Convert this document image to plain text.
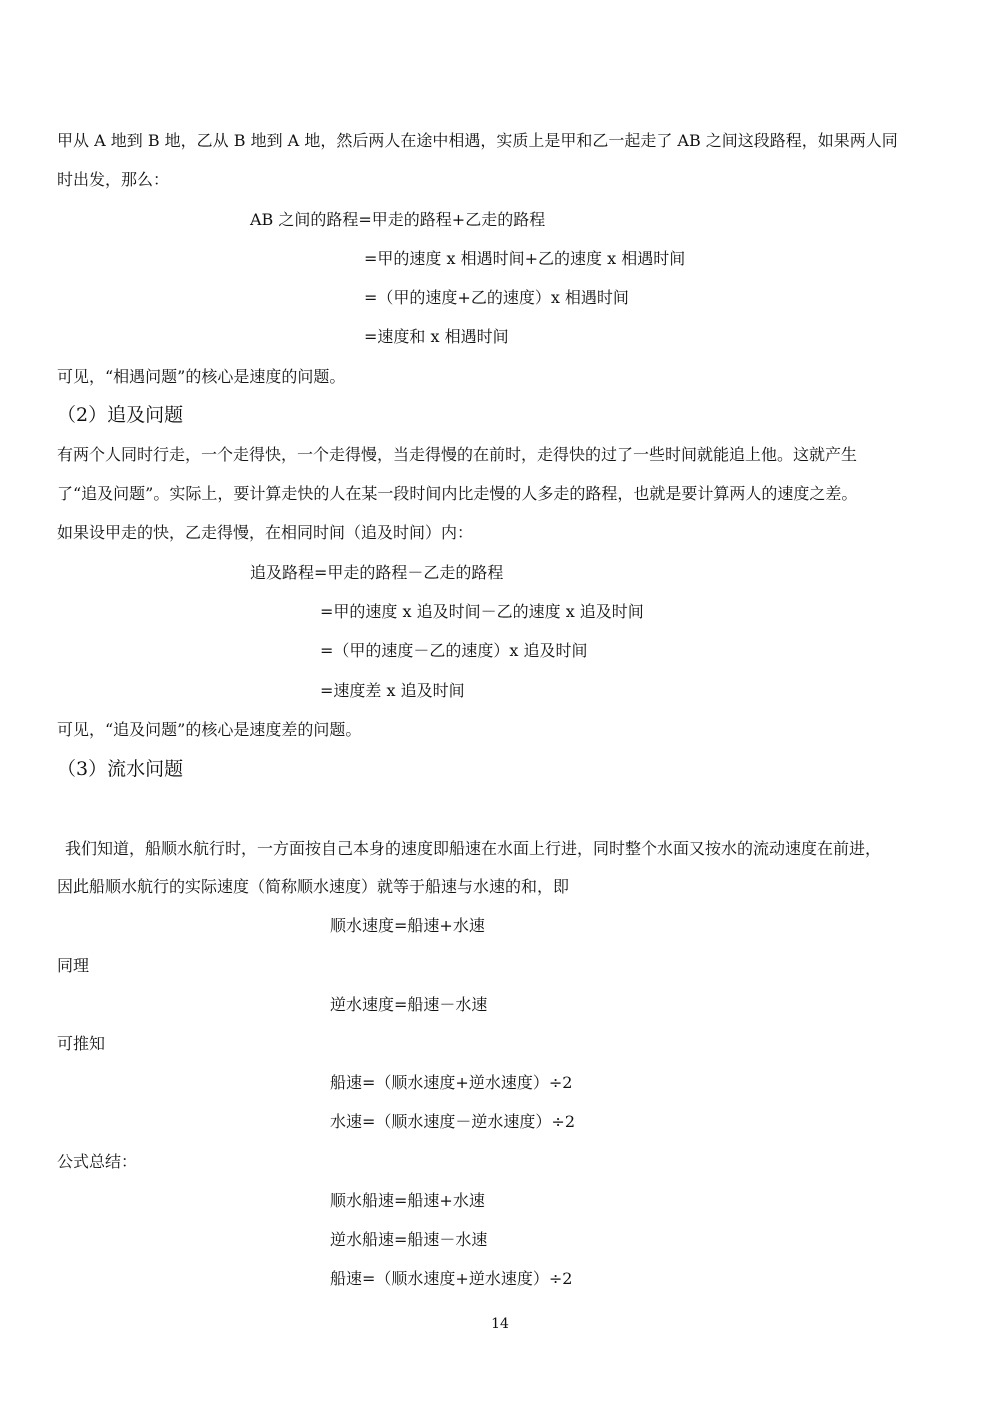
甲从 A 地到 B 地，乙从 B 地到 A 地，然后两人在途中相遇，实质上是甲和乙一起走了 AB 之间这段路程，如果两人同
时出发，那么：
AB 之间的路程=甲走的路程+乙走的路程
=甲的速度 x 相遇时间+乙的速度 x 相遇时间
=（甲的速度+乙的速度）x 相遇时间
=速度和 x 相遇时间
可见，“相遇问题”的核心是速度的问题。
（2）追及问题
有两个人同时行走，一个走得快，一个走得慢，当走得慢的在前时，走得快的过了一些时间就能追上他。这就产生
了“追及问题”。实际上，要计算走快的人在某一段时间内比走慢的人多走的路程，也就是要计算两人的速度之差。
如果设甲走的快，乙走得慢，在相同时间（追及时间）内：
追及路程=甲走的路程－乙走的路程
=甲的速度 x 追及时间－乙的速度 x 追及时间
=（甲的速度－乙的速度）x 追及时间
=速度差 x 追及时间
可见，“追及问题”的核心是速度差的问题。
（3）流水问题
我们知道，船顺水航行时，一方面按自己本身的速度即船速在水面上行进，同时整个水面又按水的流动速度在前进，
因此船顺水航行的实际速度（简称顺水速度）就等于船速与水速的和，即
顺水速度=船速+水速
同理
逆水速度=船速－水速
可推知
船速=（顺水速度+逆水速度）÷2
水速=（顺水速度－逆水速度）÷2
公式总结：
顺水船速=船速+水速
逆水船速=船速－水速
船速=（顺水速度+逆水速度）÷2
14
